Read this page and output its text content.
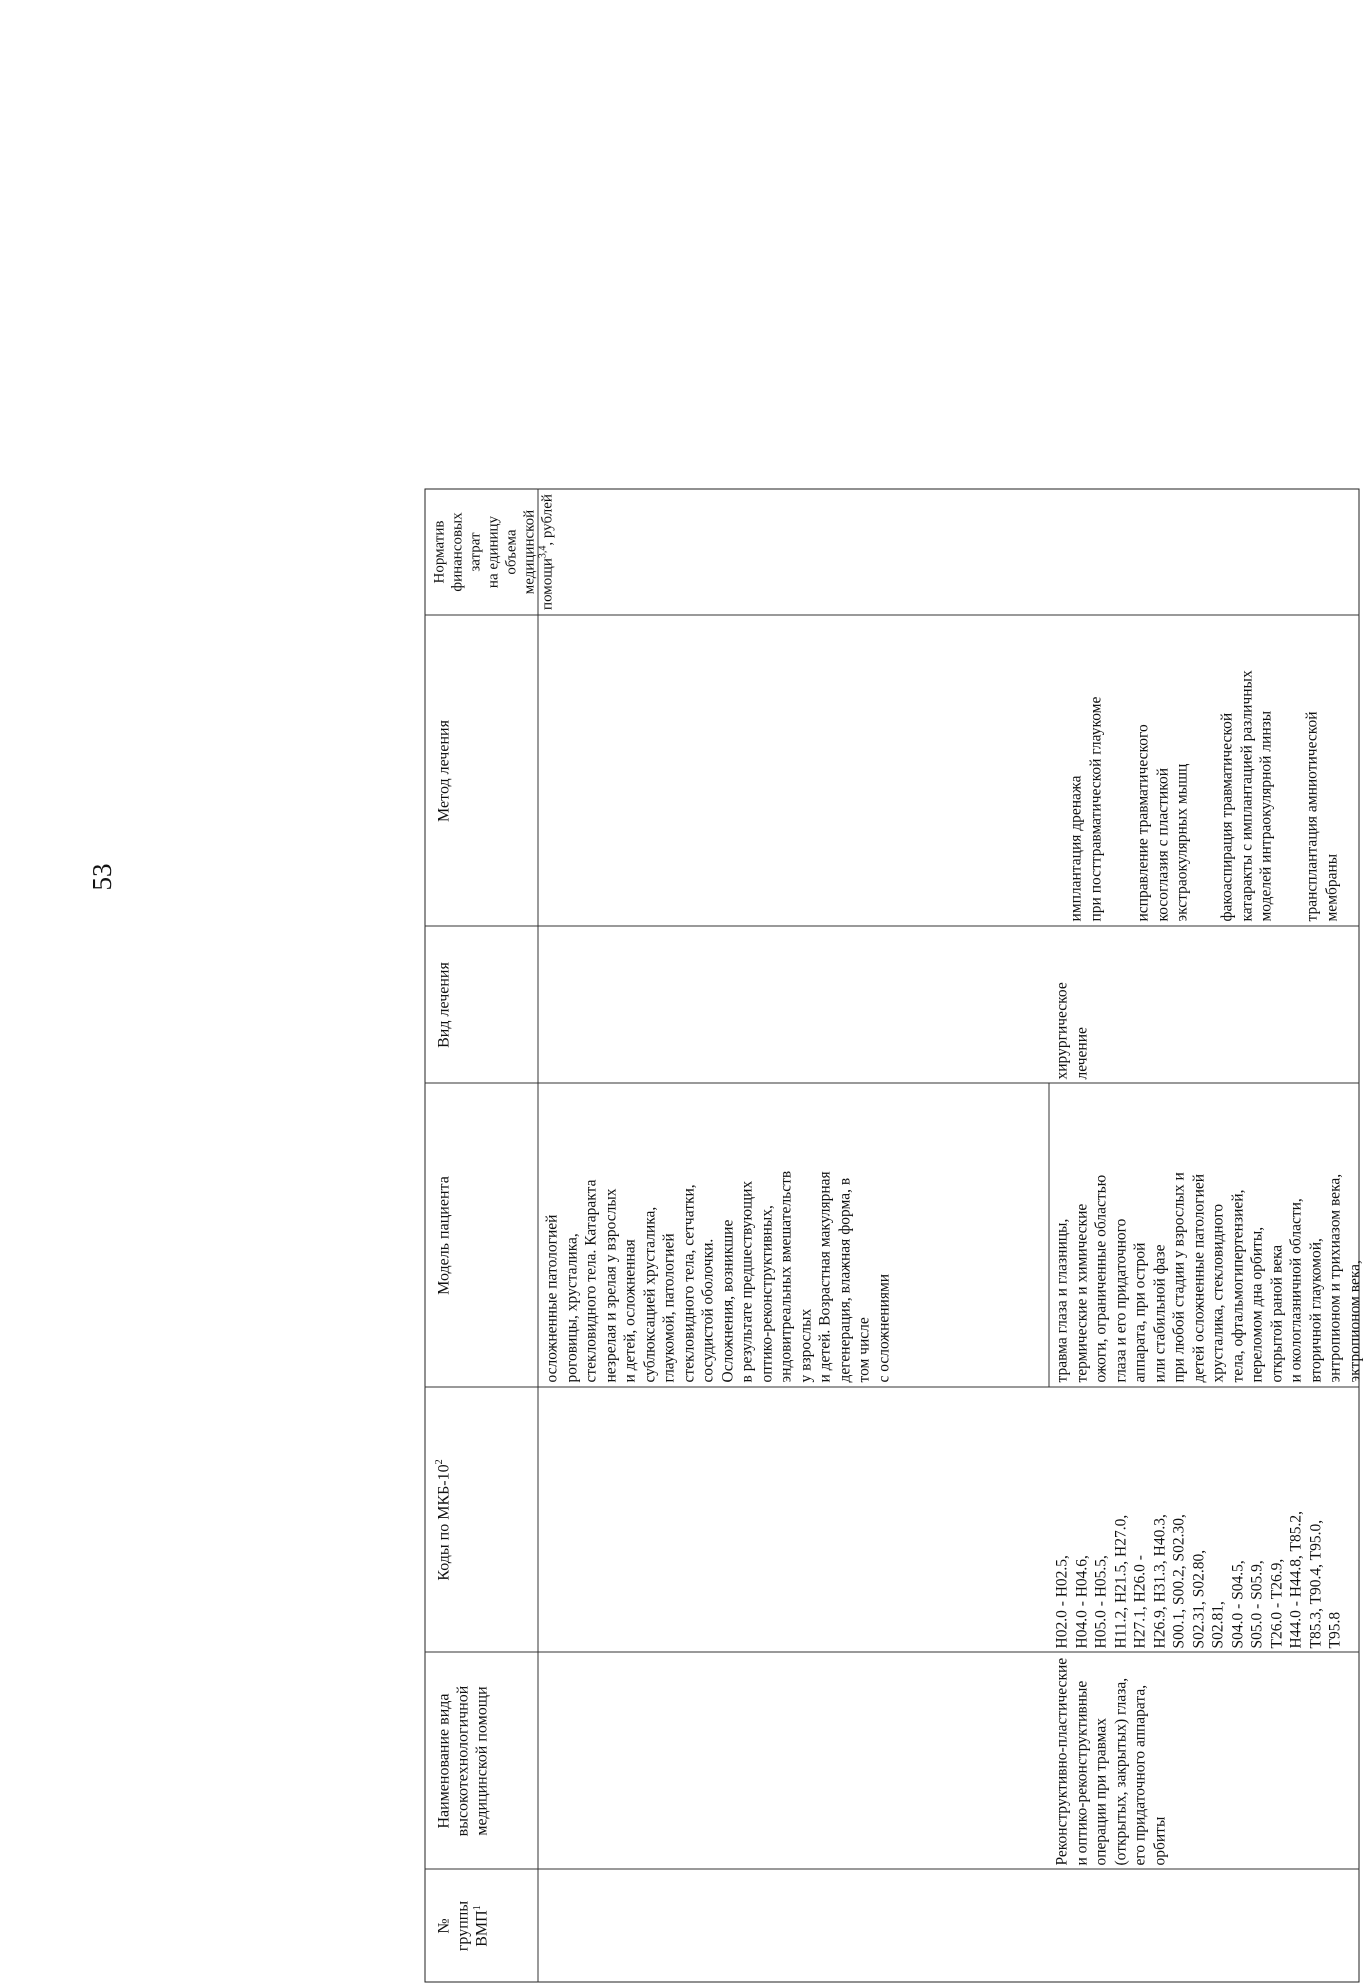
53
№
группы
ВМП$^1$
Наименование вида
высокотехнологичной
медицинской помощи
Коды по МКБ-$10^2$
Модель пациента
Вид лечения
Метод лечения
Норматив
финансовых затрат
на единицу объема
медицинской
помощи$^{3,4}$, рублей
осложненные патологией
роговицы, хрусталика,
стекловидного тела. Катаракта
незрелая и зрелая у взрослых
и детей, осложненная
сублюксацией хрусталика,
глаукомой, патологией
стекловидного тела, сетчатки,
сосудистой оболочки.
Осложнения, возникшие
в результате предшествующих
оптико-реконструктивных,
эндовитреальных вмешательств
у взрослых
и детей. Возрастная макулярная
дегенерация, влажная форма, в
том числе
с осложнениями
Реконструктивно-пластические
и оптико-реконструктивные
операции при травмах
(открытых, закрытых) глаза,
его придаточного аппарата,
орбиты
H02.0 - H02.5,
H04.0 - H04.6,
H05.0 - H05.5,
H11.2, H21.5, H27.0,
H27.1, H26.0 -
H26.9, H31.3, H40.3,
S00.1, S00.2, S02.30,
S02.31, S02.80,
S02.81,
S04.0 - S04.5,
S05.0 - S05.9,
T26.0 - T26.9,
H44.0 - H44.8, T85.2,
T85.3, T90.4, T95.0,
T95.8
травма глаза и глазницы,
термические и химические
ожоги, ограниченные областью
глаза и его придаточного
аппарата, при острой
или стабильной фазе
при любой стадии у взрослых и
детей осложненные патологией
хрусталика, стекловидного
тела, офтальмогипертензией,
переломом дна орбиты,
открытой раной века
и окологлазничной области,
вторичной глаукомой,
энтропионом и трихиазом века,
эктропионом века,
хирургическое
лечение
имплантация дренажа
при посттравматической глаукоме
исправление травматического
косоглазия с пластикой
экстраокулярных мышц
факоаспирация травматической
катаракты с имплантацией различных
моделей интраокулярной линзы
трансплантация амниотической
мембраны
